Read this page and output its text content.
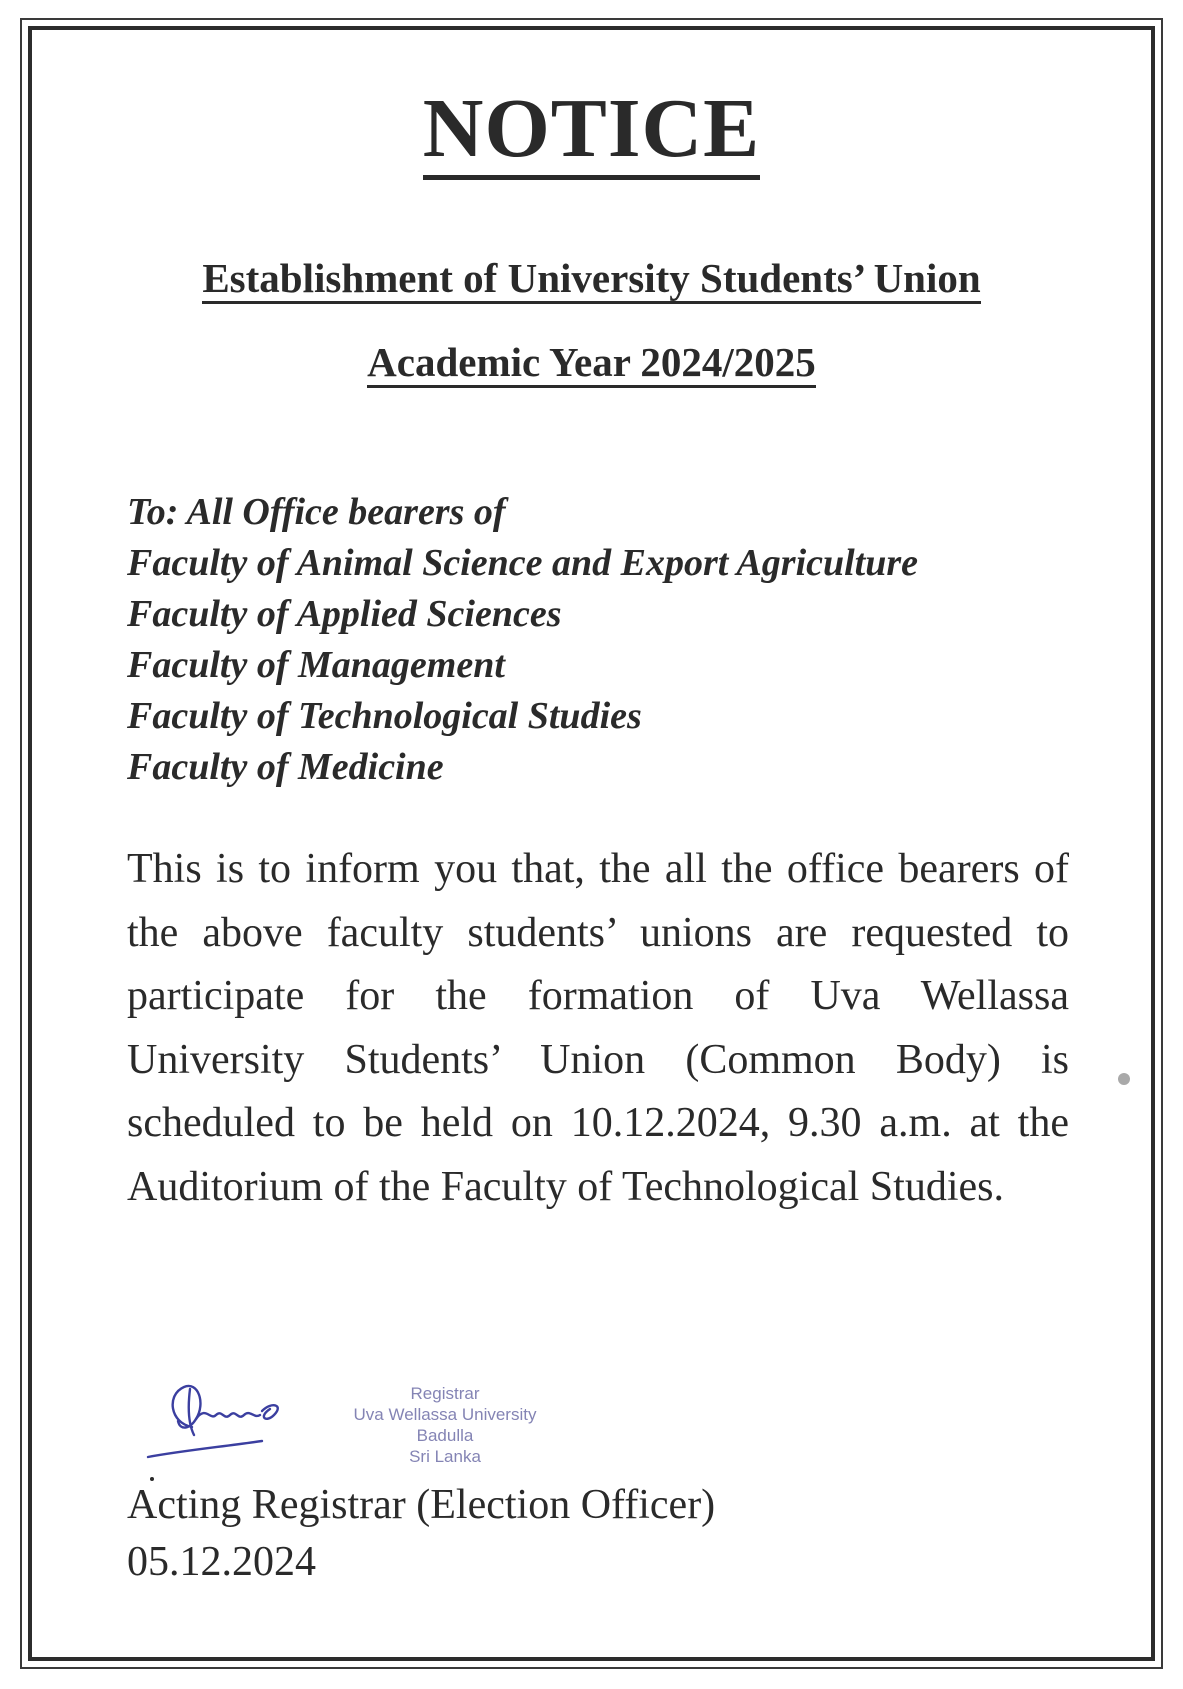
NOTICE
Establishment of University Students’ Union
Academic Year 2024/2025
To: All Office bearers of
Faculty of Animal Science and Export Agriculture
Faculty of Applied Sciences
Faculty of Management
Faculty of Technological Studies
Faculty of Medicine
This is to inform you that, the all the office bearers of the above faculty students’ unions are requested to participate for the formation of Uva Wellassa University Students’ Union (Common Body) is scheduled to be held on 10.12.2024, 9.30 a.m. at the Auditorium of the Faculty of Technological Studies.
Registrar
Uva Wellassa University
Badulla
Sri Lanka
Acting Registrar (Election Officer)
05.12.2024
